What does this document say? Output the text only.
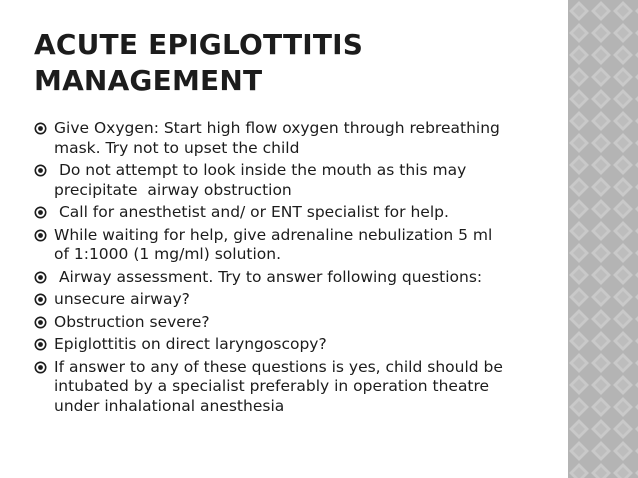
ACUTE EPIGLOTTITIS
MANAGEMENT
Give Oxygen: Start high flow oxygen through rebreathing
mask. Try not to upset the child
Do not attempt to look inside the mouth as this may
precipitate  airway obstruction
Call for anesthetist and/ or ENT specialist for help.
While waiting for help, give adrenaline nebulization 5 ml
of 1:1000 (1 mg/ml) solution.
Airway assessment. Try to answer following questions:
unsecure airway?
Obstruction severe?
Epiglottitis on direct laryngoscopy?
If answer to any of these questions is yes, child should be
intubated by a specialist preferably in operation theatre
under inhalational anesthesia
